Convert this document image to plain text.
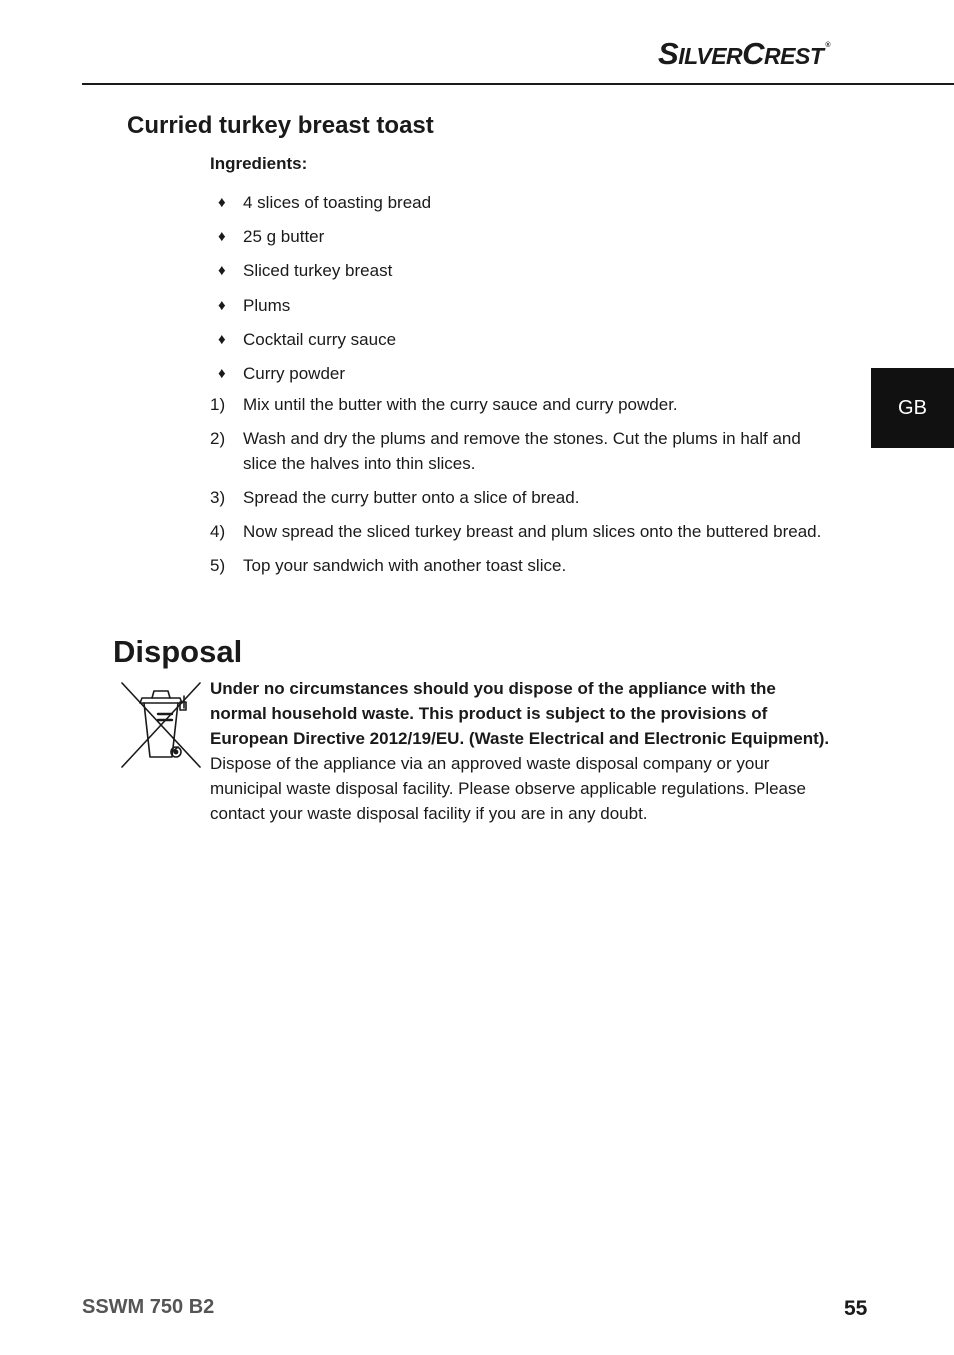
SILVERCREST ®
GB
Curried turkey breast toast
Ingredients:
♦ 4 slices of toasting bread
♦ 25 g butter
♦ Sliced turkey breast
♦ Plums
♦ Cocktail curry sauce
♦ Curry powder
1) Mix until the butter with the curry sauce and curry powder.
2) Wash and dry the plums and remove the stones. Cut the plums in half and slice the halves into thin slices.
3) Spread the curry butter onto a slice of bread.
4) Now spread the sliced turkey breast and plum slices onto the buttered bread.
5) Top your sandwich with another toast slice.
Disposal
Under no circumstances should you dispose of the appliance with the normal household waste. This product is subject to the provisions of European Directive 2012/19/EU. (Waste Electrical and Electronic Equipment).
Dispose of the appliance via an approved waste disposal company or your municipal waste disposal facility. Please observe applicable regulations. Please contact your waste disposal facility if you are in any doubt.
SSWM 750 B2	55
